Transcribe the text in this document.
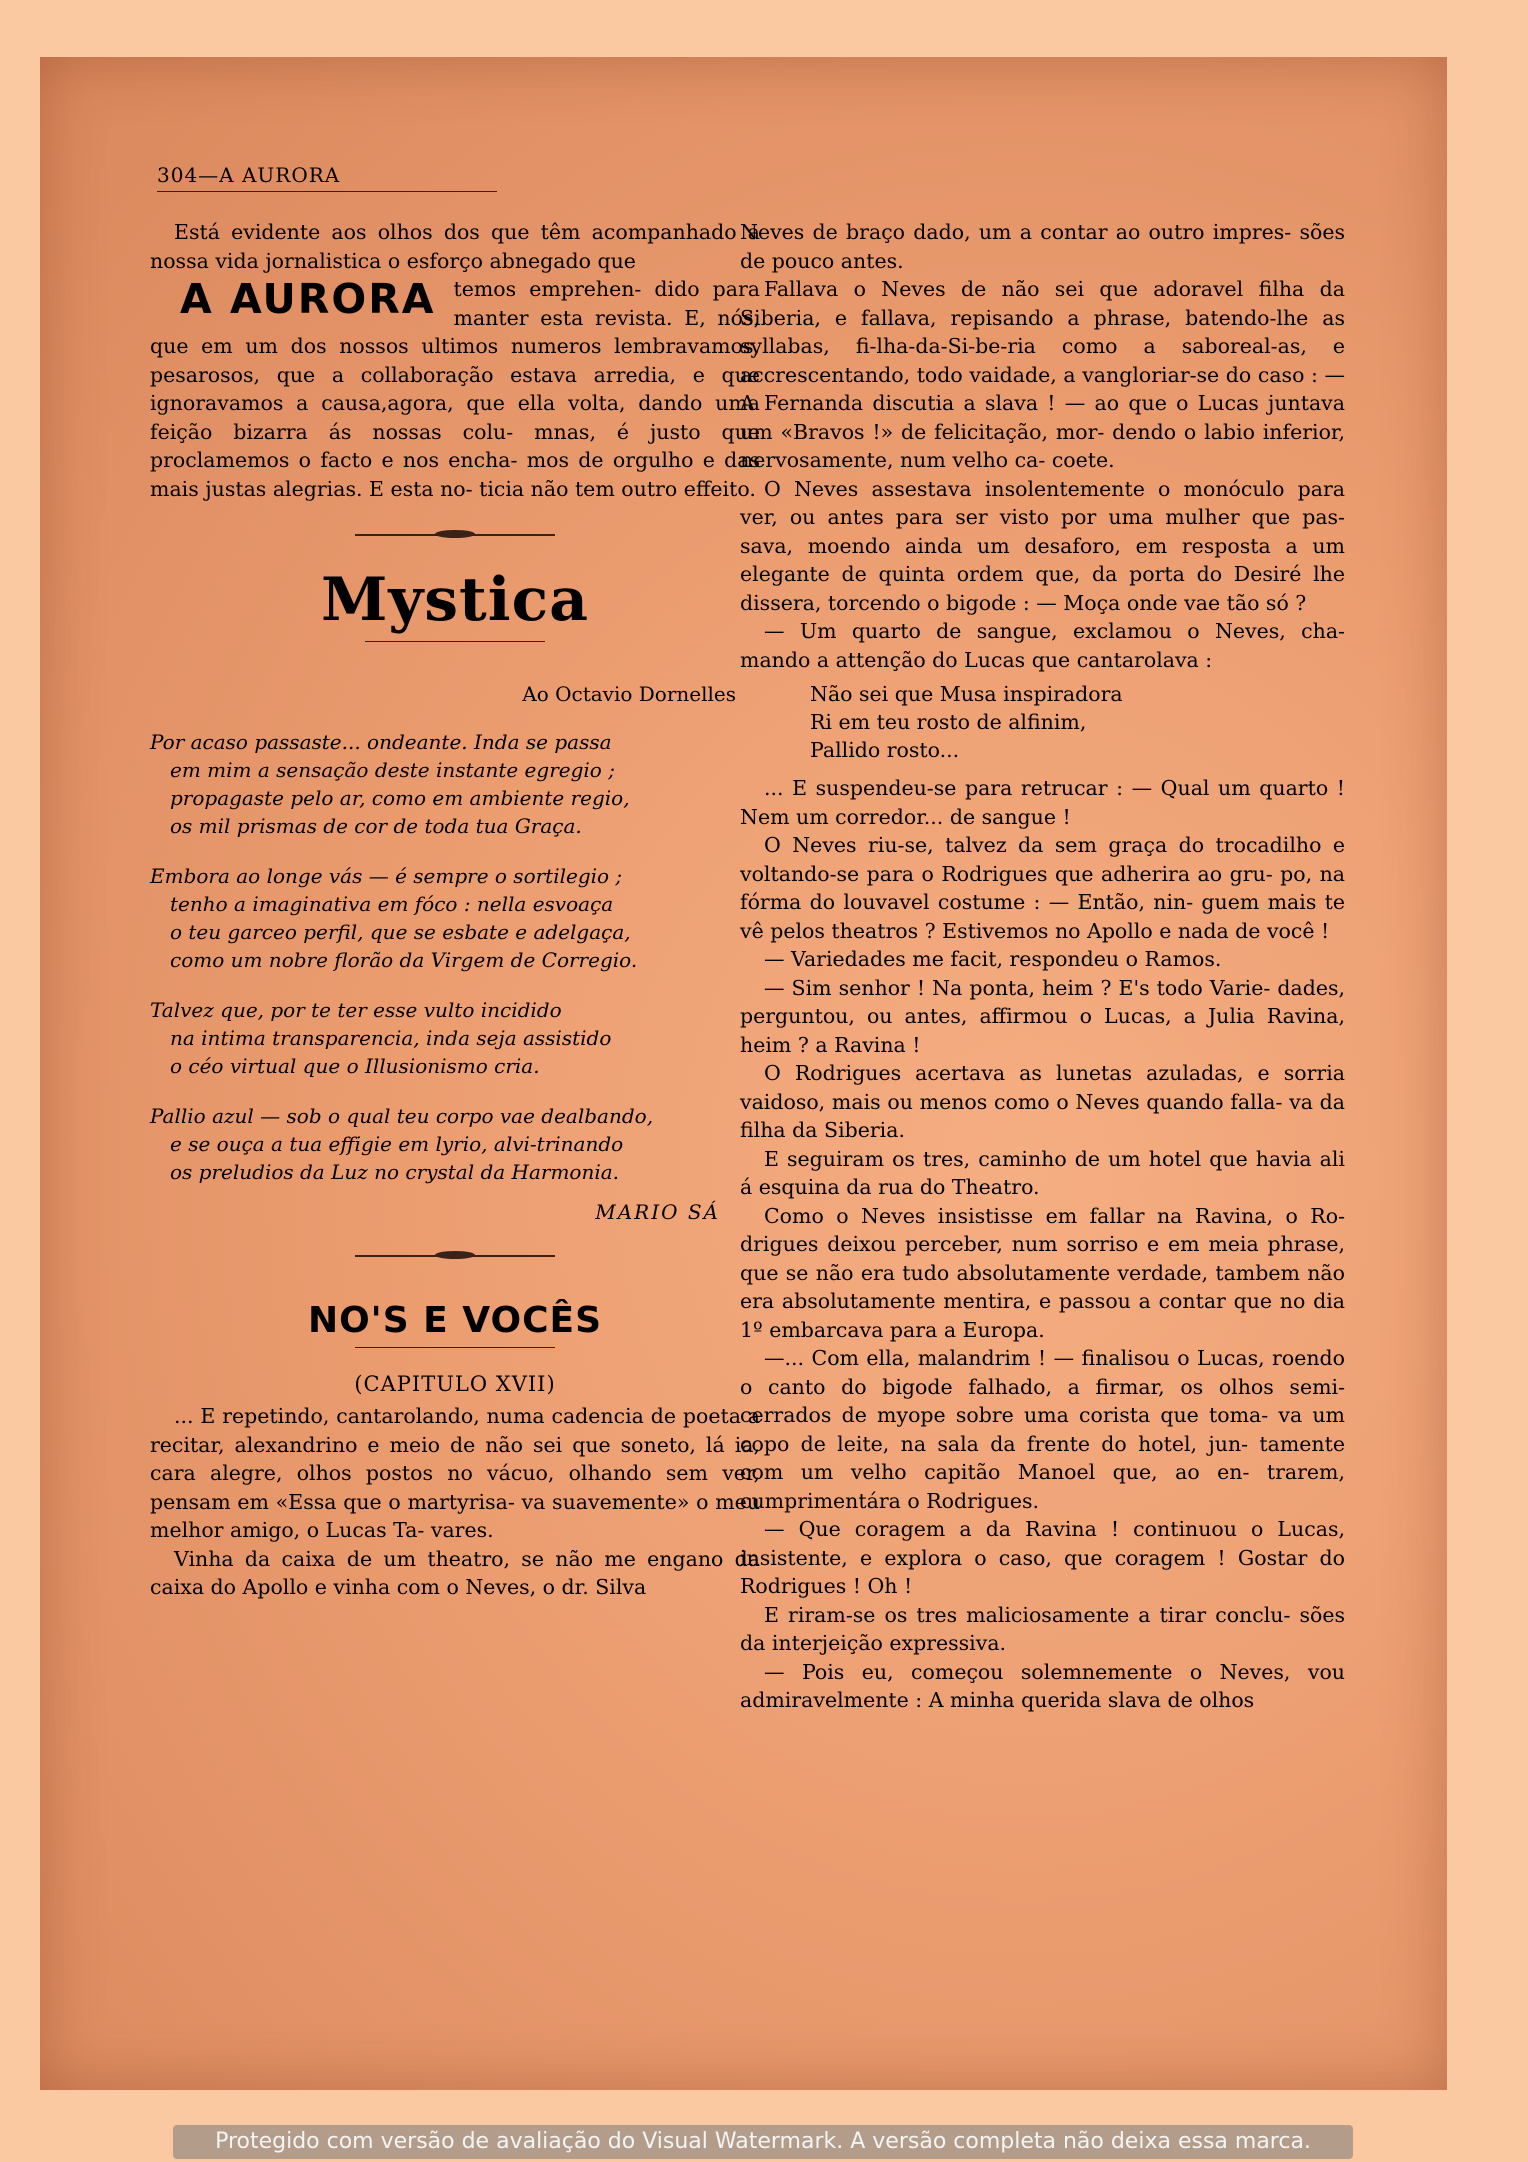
304—A AURORA

Está evidente aos olhos dos que têm acompanhado a nossa vida jornalistica o esforço abnegado que

A AURORA temos emprehen- dido para manter esta revista. E, nós, que em um dos nossos ultimos numeros lembravamos, pesarosos, que a collaboração estava arredia, e que ignoravamos a causa,agora, que ella volta, dando uma feição bizarra ás nossas colu- mnas, é justo que proclamemos o facto e nos encha- mos de orgulho e das mais justas alegrias. E esta no- ticia não tem outro effeito.

Mystica
Ao Octavio Dornelles
Por acaso passaste... ondeante. Inda se passa
em mim a sensação deste instante egregio ;
propagaste pelo ar, como em ambiente regio,
os mil prismas de cor de toda tua Graça.
Embora ao longe vás — é sempre o sortilegio ;
tenho a imaginativa em fóco : nella esvoaça
o teu garceo perfil, que se esbate e adelgaça,
como um nobre florão da Virgem de Corregio.
Talvez que, por te ter esse vulto incidido
na intima transparencia, inda seja assistido
o céo virtual que o Illusionismo cria.
Pallio azul — sob o qual teu corpo vae dealbando,
e se ouça a tua effigie em lyrio, alvi-trinando
os preludios da Luz no crystal da Harmonia.
MARIO SÁ
NO'S E VOCÊS
(CAPITULO XVII)

... E repetindo, cantarolando, numa cadencia de poeta a recitar, alexandrino e meio de não sei que soneto, lá ia, cara alegre, olhos postos no vácuo, olhando sem ver, pensam em «Essa que o martyrisa- va suavemente» o meu melhor amigo, o Lucas Ta- vares.

Vinha da caixa de um theatro, se não me engano da caixa do Apollo e vinha com o Neves, o dr. Silva

Neves de braço dado, um a contar ao outro impres- sões de pouco antes.

Fallava o Neves de não sei que adoravel filha da Siberia, e fallava, repisando a phrase, batendo-lhe as syllabas, fi-lha-da-Si-be-ria como a saboreal-as, e accrescentando, todo vaidade, a vangloriar-se do caso : — A Fernanda discutia a slava ! — ao que o Lucas juntava um «Bravos !» de felicitação, mor- dendo o labio inferior, nervosamente, num velho ca- coete.

O Neves assestava insolentemente o monóculo para ver, ou antes para ser visto por uma mulher que pas- sava, moendo ainda um desaforo, em resposta a um elegante de quinta ordem que, da porta do Desiré lhe dissera, torcendo o bigode : — Moça onde vae tão só ?

— Um quarto de sangue, exclamou o Neves, cha- mando a attenção do Lucas que cantarolava :

Não sei que Musa inspiradora
Ri em teu rosto de alfinim,
Pallido rosto...

... E suspendeu-se para retrucar : — Qual um quarto ! Nem um corredor... de sangue !

O Neves riu-se, talvez da sem graça do trocadilho e voltando-se para o Rodrigues que adherira ao gru- po, na fórma do louvavel costume : — Então, nin- guem mais te vê pelos theatros ? Estivemos no Apollo e nada de você !

— Variedades me facit, respondeu o Ramos.

— Sim senhor ! Na ponta, heim ? E's todo Varie- dades, perguntou, ou antes, affirmou o Lucas, a Julia Ravina, heim ? a Ravina !

O Rodrigues acertava as lunetas azuladas, e sorria vaidoso, mais ou menos como o Neves quando falla- va da filha da Siberia.

E seguiram os tres, caminho de um hotel que havia ali á esquina da rua do Theatro.

Como o Neves insistisse em fallar na Ravina, o Ro- drigues deixou perceber, num sorriso e em meia phrase, que se não era tudo absolutamente verdade, tambem não era absolutamente mentira, e passou a contar que no dia 1º embarcava para a Europa.

—... Com ella, malandrim ! — finalisou o Lucas, roendo o canto do bigode falhado, a firmar, os olhos semi-cerrados de myope sobre uma corista que toma- va um copo de leite, na sala da frente do hotel, jun- tamente com um velho capitão Manoel que, ao en- trarem, cumprimentára o Rodrigues.

— Que coragem a da Ravina ! continuou o Lucas, insistente, e explora o caso, que coragem ! Gostar do Rodrigues ! Oh !

E riram-se os tres maliciosamente a tirar conclu- sões da interjeição expressiva.

— Pois eu, começou solemnemente o Neves, vou admiravelmente : A minha querida slava de olhos

Protegido com versão de avaliação do Visual Watermark. A versão completa não deixa essa marca.
